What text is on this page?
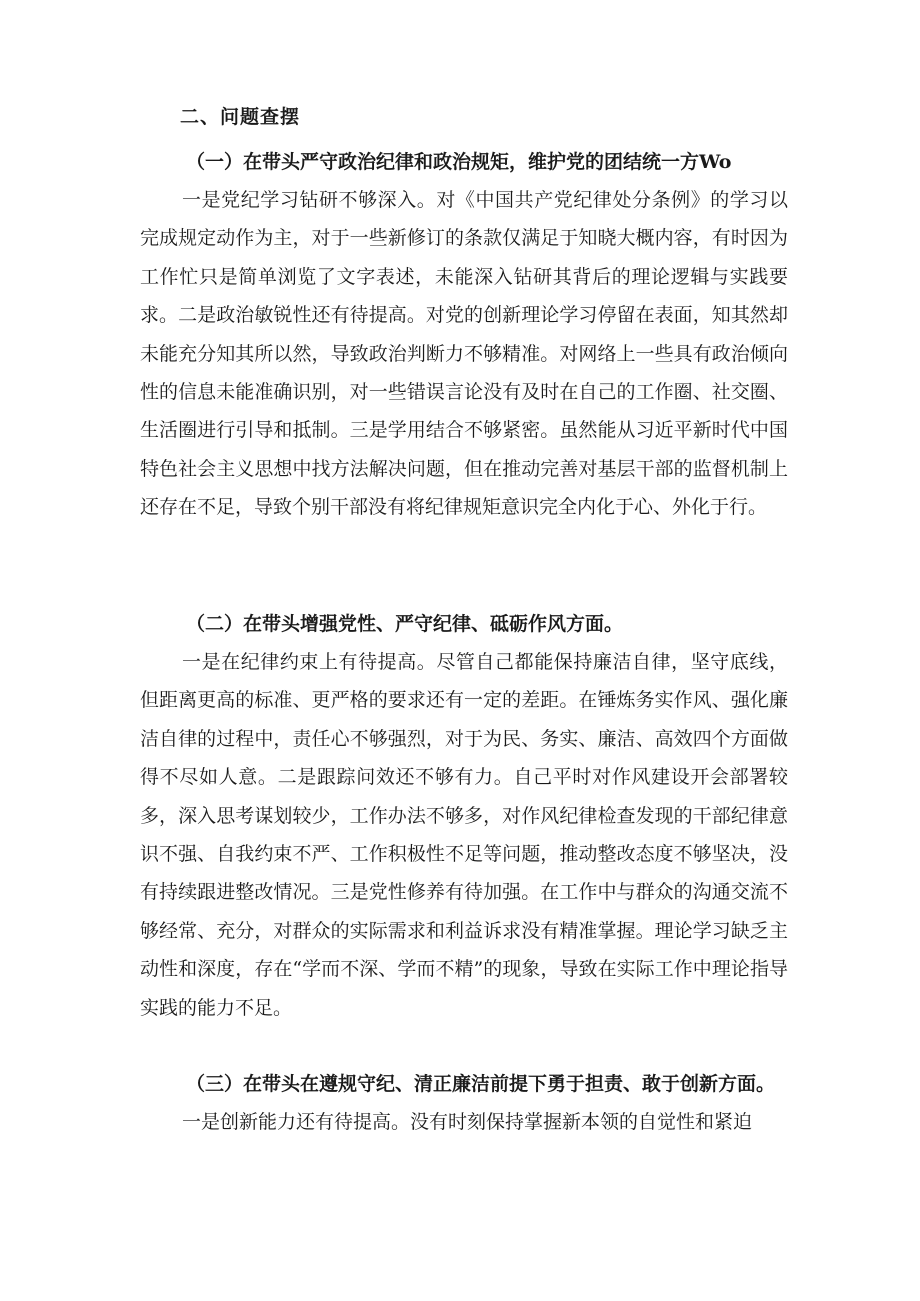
二、问题查摆
（一）在带头严守政治纪律和政治规矩，维护党的团结统一方Wo

一是党纪学习钻研不够深入。对《中国共产党纪律处分条例》的学习以完成规定动作为主，对于一些新修订的条款仅满足于知晓大概内容，有时因为工作忙只是简单浏览了文字表述，未能深入钻研其背后的理论逻辑与实践要求。二是政治敏锐性还有待提高。对党的创新理论学习停留在表面，知其然却未能充分知其所以然，导致政治判断力不够精准。对网络上一些具有政治倾向性的信息未能准确识别，对一些错误言论没有及时在自己的工作圈、社交圈、生活圈进行引导和抵制。三是学用结合不够紧密。虽然能从习近平新时代中国特色社会主义思想中找方法解决问题，但在推动完善对基层干部的监督机制上还存在不足，导致个别干部没有将纪律规矩意识完全内化于心、外化于行。

（二）在带头增强党性、严守纪律、砥砺作风方面。

一是在纪律约束上有待提高。尽管自己都能保持廉洁自律，坚守底线，但距离更高的标准、更严格的要求还有一定的差距。在锤炼务实作风、强化廉洁自律的过程中，责任心不够强烈，对于为民、务实、廉洁、高效四个方面做得不尽如人意。二是跟踪问效还不够有力。自己平时对作风建设开会部署较多，深入思考谋划较少，工作办法不够多，对作风纪律检查发现的干部纪律意识不强、自我约束不严、工作积极性不足等问题，推动整改态度不够坚决，没有持续跟进整改情况。三是党性修养有待加强。在工作中与群众的沟通交流不够经常、充分，对群众的实际需求和利益诉求没有精准掌握。理论学习缺乏主动性和深度，存在“学而不深、学而不精”的现象，导致在实际工作中理论指导实践的能力不足。

（三）在带头在遵规守纪、清正廉洁前提下勇于担责、敢于创新方面。

一是创新能力还有待提高。没有时刻保持掌握新本领的自觉性和紧迫
